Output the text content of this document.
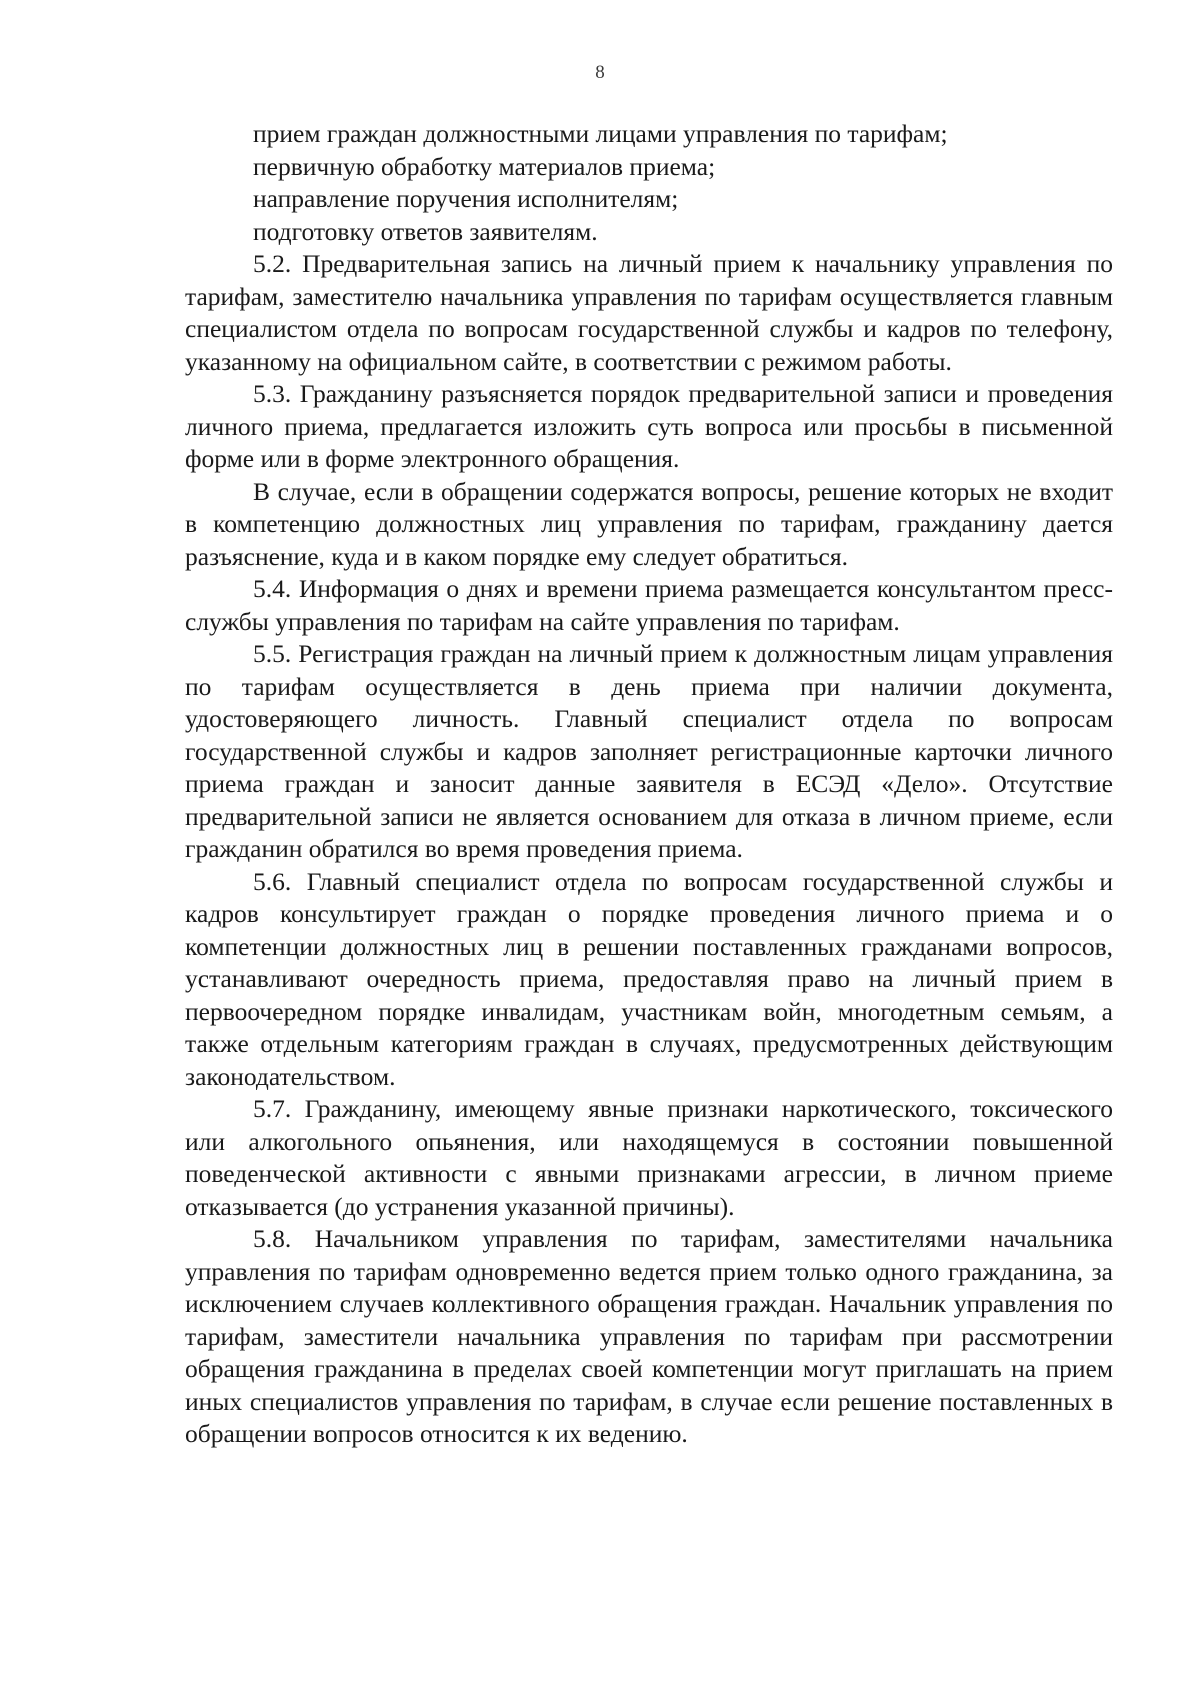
8

прием граждан должностными лицами управления по тарифам;

первичную обработку материалов приема;

направление поручения исполнителям;

подготовку ответов заявителям.

5.2. Предварительная запись на личный прием к начальнику управления по тарифам, заместителю начальника управления по тарифам осуществляется главным специалистом отдела по вопросам государственной службы и кадров по телефону, указанному на официальном сайте, в соответствии с режимом работы.

5.3. Гражданину разъясняется порядок предварительной записи и проведения личного приема, предлагается изложить суть вопроса или просьбы в письменной форме или в форме электронного обращения.

В случае, если в обращении содержатся вопросы, решение которых не входит в компетенцию должностных лиц управления по тарифам, гражданину дается разъяснение, куда и в каком порядке ему следует обратиться.

5.4. Информация о днях и времени приема размещается консультантом пресс-службы управления по тарифам на сайте управления по тарифам.

5.5. Регистрация граждан на личный прием к должностным лицам управления по тарифам осуществляется в день приема при наличии документа, удостоверяющего личность. Главный специалист отдела по вопросам государственной службы и кадров заполняет регистрационные карточки личного приема граждан и заносит данные заявителя в ЕСЭД «Дело». Отсутствие предварительной записи не является основанием для отказа в личном приеме, если гражданин обратился во время проведения приема.

5.6. Главный специалист отдела по вопросам государственной службы и кадров консультирует граждан о порядке проведения личного приема и о компетенции должностных лиц в решении поставленных гражданами вопросов, устанавливают очередность приема, предоставляя право на личный прием в первоочередном порядке инвалидам, участникам войн, многодетным семьям, а также отдельным категориям граждан в случаях, предусмотренных действующим законодательством.

5.7. Гражданину, имеющему явные признаки наркотического, токсического или алкогольного опьянения, или находящемуся в состоянии повышенной поведенческой активности с явными признаками агрессии, в личном приеме отказывается (до устранения указанной причины).

5.8. Начальником управления по тарифам, заместителями начальника управления по тарифам одновременно ведется прием только одного гражданина, за исключением случаев коллективного обращения граждан. Начальник управления по тарифам, заместители начальника управления по тарифам при рассмотрении обращения гражданина в пределах своей компетенции могут приглашать на прием иных специалистов управления по тарифам, в случае если решение поставленных в обращении вопросов относится к их ведению.
